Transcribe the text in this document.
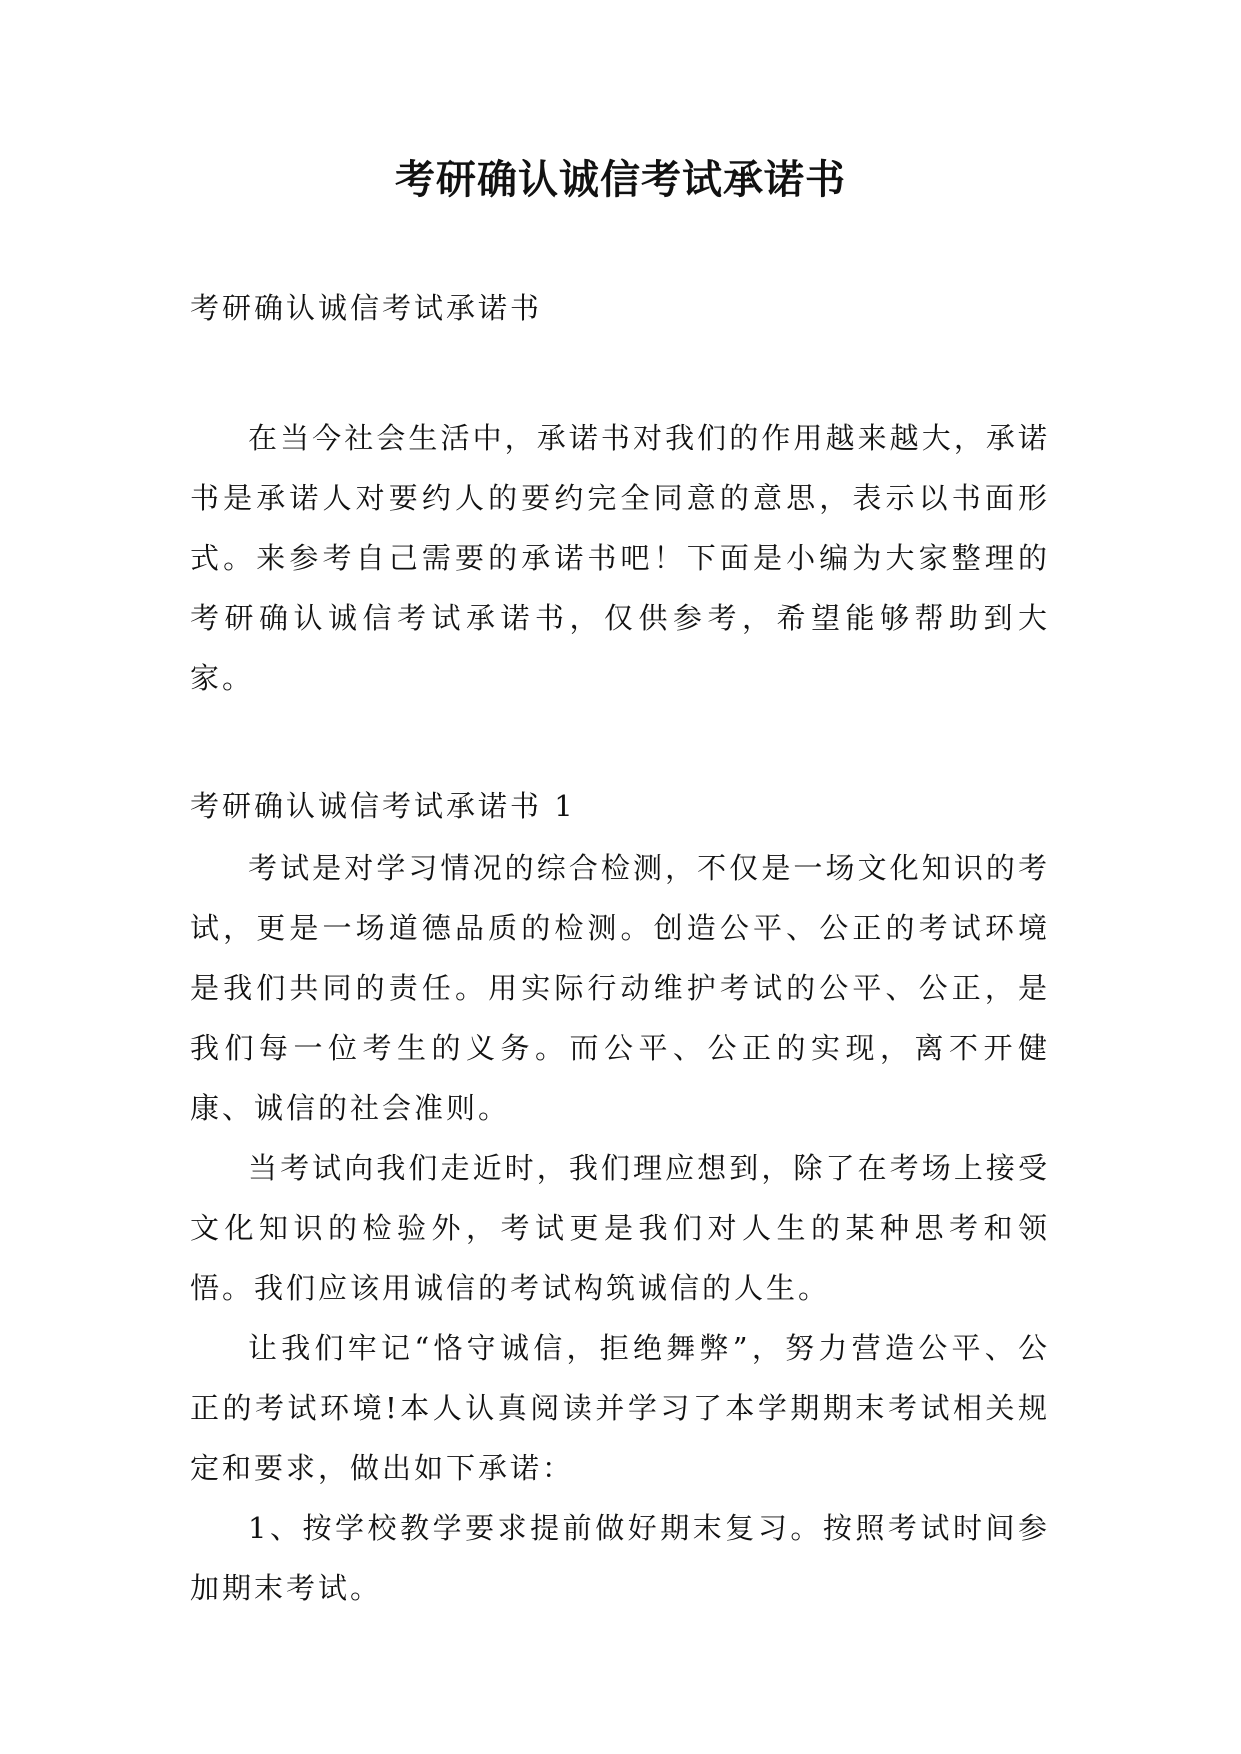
考研确认诚信考试承诺书
考研确认诚信考试承诺书

在当今社会生活中，承诺书对我们的作用越来越大，承诺书是承诺人对要约人的要约完全同意的意思，表示以书面形式。来参考自己需要的承诺书吧！下面是小编为大家整理的考研确认诚信考试承诺书，仅供参考，希望能够帮助到大家。

考研确认诚信考试承诺书 1

考试是对学习情况的综合检测，不仅是一场文化知识的考试，更是一场道德品质的检测。创造公平、公正的考试环境是我们共同的责任。用实际行动维护考试的公平、公正，是我们每一位考生的义务。而公平、公正的实现，离不开健康、诚信的社会准则。

当考试向我们走近时，我们理应想到，除了在考场上接受文化知识的检验外，考试更是我们对人生的某种思考和领悟。我们应该用诚信的考试构筑诚信的人生。

让我们牢记“恪守诚信，拒绝舞弊”，努力营造公平、公正的考试环境!本人认真阅读并学习了本学期期末考试相关规定和要求，做出如下承诺：

1、按学校教学要求提前做好期末复习。按照考试时间参加期末考试。
